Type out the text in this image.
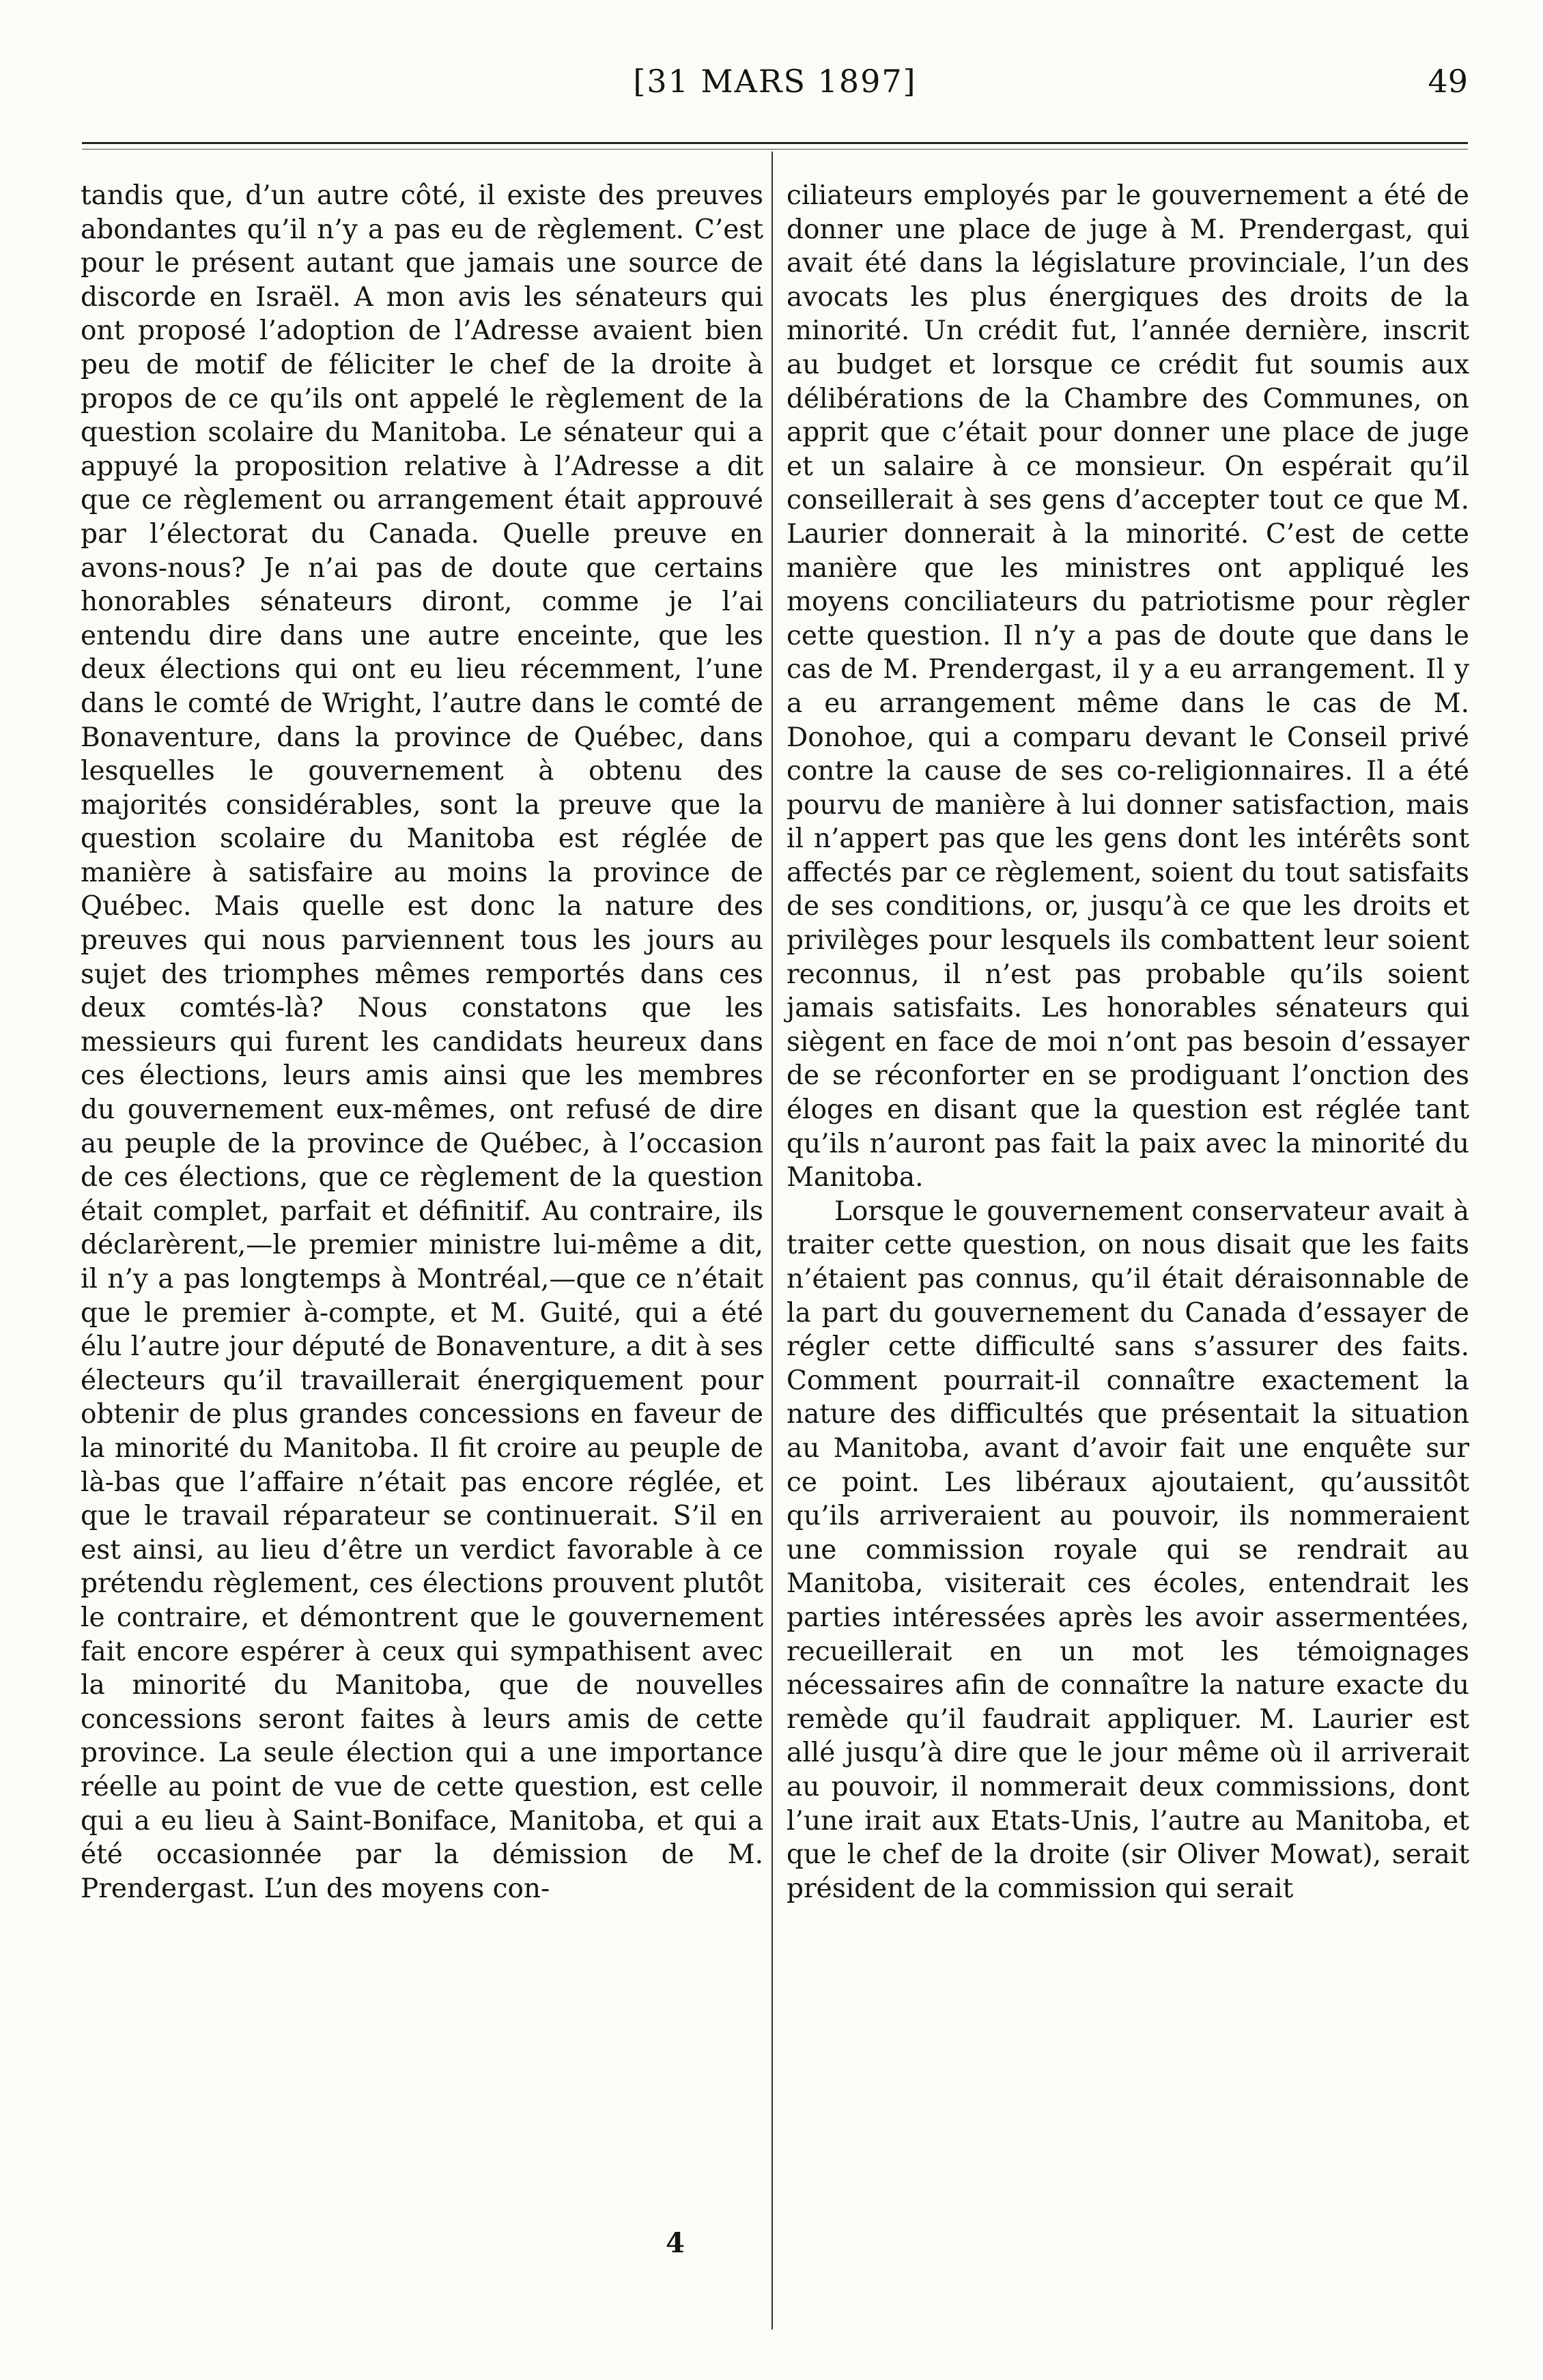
[31 MARS 1897]	49

tandis que, d’un autre côté, il existe des preuves abondantes qu’il n’y a pas eu de règlement. C’est pour le présent autant que jamais une source de discorde en Israël. A mon avis les sénateurs qui ont proposé l’adoption de l’Adresse avaient bien peu de motif de féliciter le chef de la droite à propos de ce qu’ils ont appelé le règlement de la question scolaire du Manitoba. Le sénateur qui a appuyé la proposition relative à l’Adresse a dit que ce règlement ou arrangement était approuvé par l’électorat du Canada. Quelle preuve en avons-nous? Je n’ai pas de doute que certains honorables sénateurs diront, comme je l’ai entendu dire dans une autre enceinte, que les deux élections qui ont eu lieu récemment, l’une dans le comté de Wright, l’autre dans le comté de Bonaventure, dans la province de Québec, dans lesquelles le gouvernement à obtenu des majorités considérables, sont la preuve que la question scolaire du Manitoba est réglée de manière à satisfaire au moins la province de Québec. Mais quelle est donc la nature des preuves qui nous parviennent tous les jours au sujet des triomphes mêmes remportés dans ces deux comtés-là? Nous constatons que les messieurs qui furent les candidats heureux dans ces élections, leurs amis ainsi que les membres du gouvernement eux-mêmes, ont refusé de dire au peuple de la province de Québec, à l’occasion de ces élections, que ce règlement de la question était complet, parfait et définitif. Au contraire, ils déclarèrent,—le premier ministre lui-même a dit, il n’y a pas longtemps à Montréal,—que ce n’était que le premier à-compte, et M. Guité, qui a été élu l’autre jour député de Bonaventure, a dit à ses électeurs qu’il travaillerait énergiquement pour obtenir de plus grandes concessions en faveur de la minorité du Manitoba. Il fit croire au peuple de là-bas que l’affaire n’était pas encore réglée, et que le travail réparateur se continuerait. S’il en est ainsi, au lieu d’être un verdict favorable à ce prétendu règlement, ces élections prouvent plutôt le contraire, et démontrent que le gouvernement fait encore espérer à ceux qui sympathisent avec la minorité du Manitoba, que de nouvelles concessions seront faites à leurs amis de cette province. La seule élection qui a une importance réelle au point de vue de cette question, est celle qui a eu lieu à Saint-Boniface, Manitoba, et qui a été occasionnée par la démission de M. Prendergast. L’un des moyens con-

ciliateurs employés par le gouvernement a été de donner une place de juge à M. Prendergast, qui avait été dans la législature provinciale, l’un des avocats les plus énergiques des droits de la minorité. Un crédit fut, l’année dernière, inscrit au budget et lorsque ce crédit fut soumis aux délibérations de la Chambre des Communes, on apprit que c’était pour donner une place de juge et un salaire à ce monsieur. On espérait qu’il conseillerait à ses gens d’accepter tout ce que M. Laurier donnerait à la minorité. C’est de cette manière que les ministres ont appliqué les moyens conciliateurs du patriotisme pour règler cette question. Il n’y a pas de doute que dans le cas de M. Prendergast, il y a eu arrangement. Il y a eu arrangement même dans le cas de M. Donohoe, qui a comparu devant le Conseil privé contre la cause de ses co-religionnaires. Il a été pourvu de manière à lui donner satisfaction, mais il n’appert pas que les gens dont les intérêts sont affectés par ce règlement, soient du tout satisfaits de ses conditions, or, jusqu’à ce que les droits et privilèges pour lesquels ils combattent leur soient reconnus, il n’est pas probable qu’ils soient jamais satisfaits. Les honorables sénateurs qui siègent en face de moi n’ont pas besoin d’essayer de se réconforter en se prodiguant l’onction des éloges en disant que la question est réglée tant qu’ils n’auront pas fait la paix avec la minorité du Manitoba.

Lorsque le gouvernement conservateur avait à traiter cette question, on nous disait que les faits n’étaient pas connus, qu’il était déraisonnable de la part du gouvernement du Canada d’essayer de régler cette difficulté sans s’assurer des faits. Comment pourrait-il connaître exactement la nature des difficultés que présentait la situation au Manitoba, avant d’avoir fait une enquête sur ce point. Les libéraux ajoutaient, qu’aussitôt qu’ils arriveraient au pouvoir, ils nommeraient une commission royale qui se rendrait au Manitoba, visiterait ces écoles, entendrait les parties intéressées après les avoir assermentées, recueillerait en un mot les témoignages nécessaires afin de connaître la nature exacte du remède qu’il faudrait appliquer. M. Laurier est allé jusqu’à dire que le jour même où il arriverait au pouvoir, il nommerait deux commissions, dont l’une irait aux Etats-Unis, l’autre au Manitoba, et que le chef de la droite (sir Oliver Mowat), serait président de la commission qui serait

4
